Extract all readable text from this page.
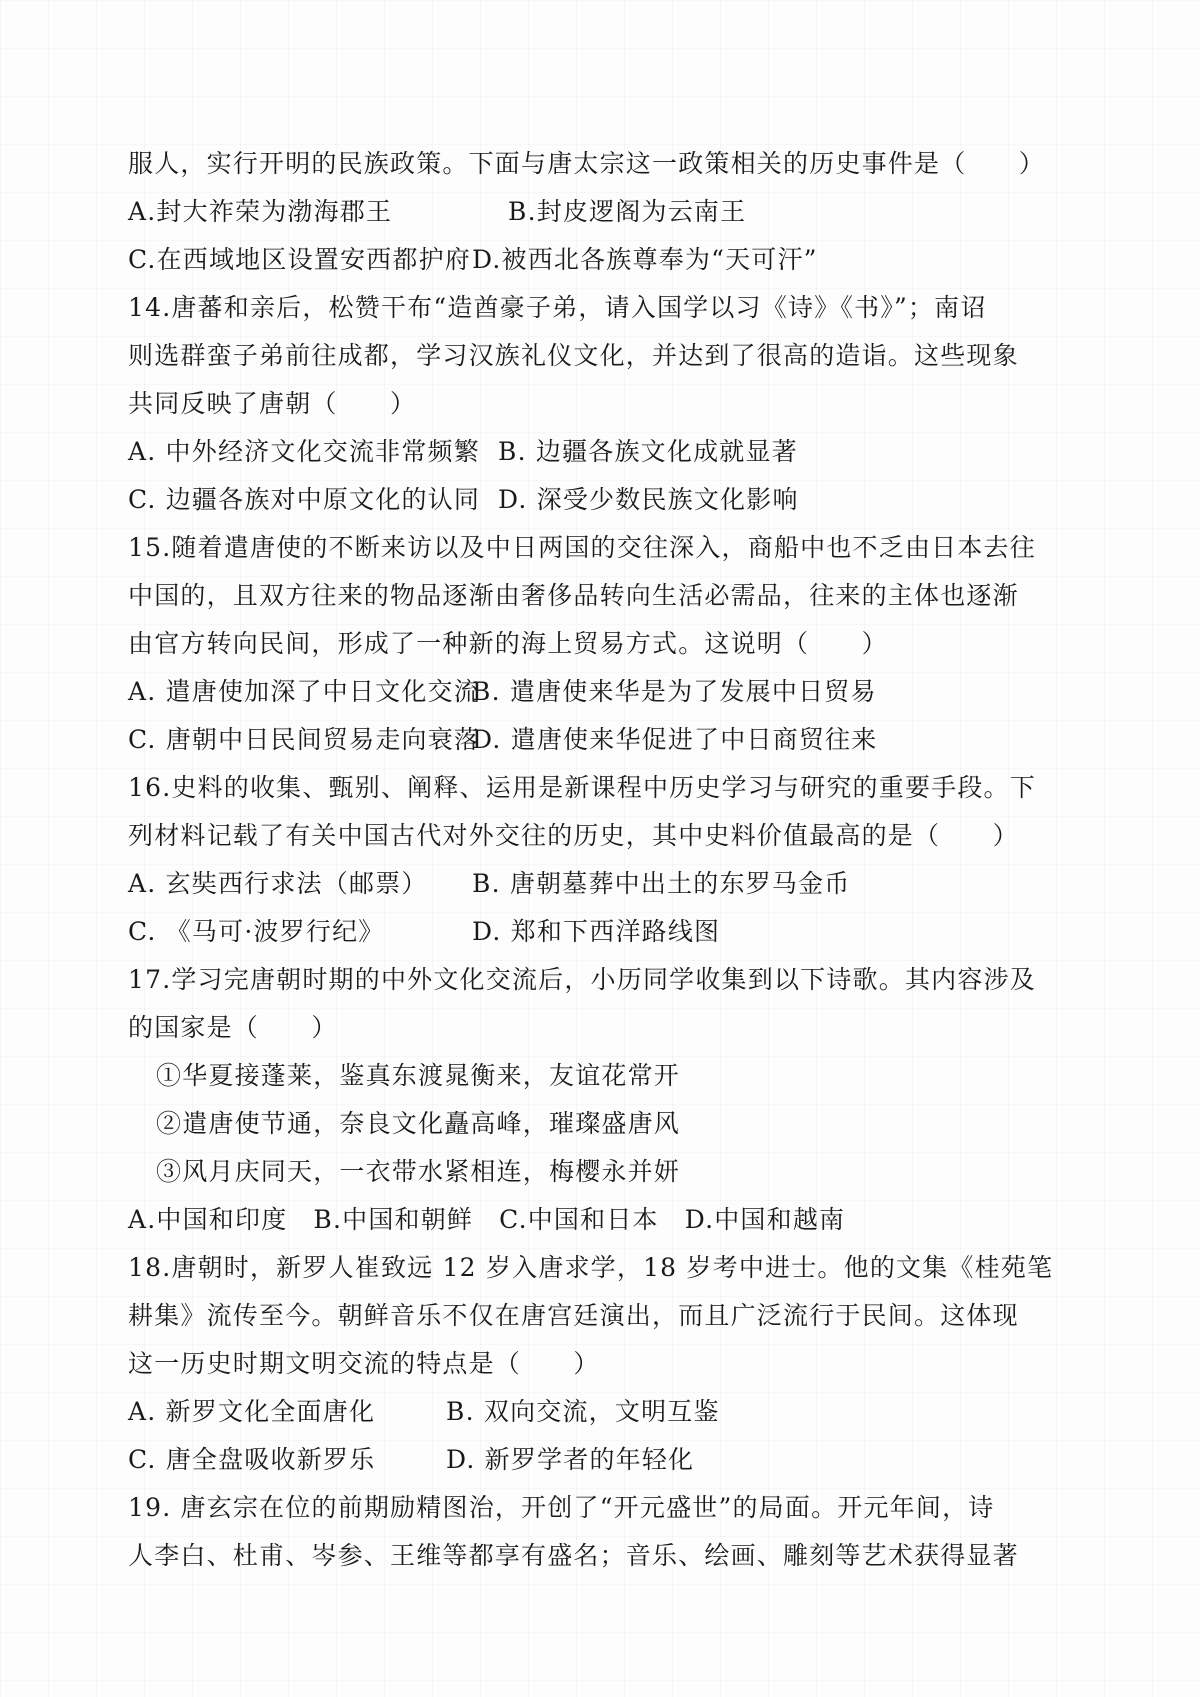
服人，实行开明的民族政策。下面与唐太宗这一政策相关的历史事件是（　　）
A.封大祚荣为渤海郡王	B.封皮逻阁为云南王
C.在西域地区设置安西都护府 D.被西北各族尊奉为“天可汗”
14.唐蕃和亲后，松赞干布“造酋豪子弟，请入国学以习《诗》《书》”；南诏
则选群蛮子弟前往成都，学习汉族礼仪文化，并达到了很高的造诣。这些现象
共同反映了唐朝（　　）
A. 中外经济文化交流非常频繁 B. 边疆各族文化成就显著
C. 边疆各族对中原文化的认同 D. 深受少数民族文化影响
15.随着遣唐使的不断来访以及中日两国的交往深入，商船中也不乏由日本去往
中国的，且双方往来的物品逐渐由奢侈品转向生活必需品，往来的主体也逐渐
由官方转向民间，形成了一种新的海上贸易方式。这说明（　　）
A. 遣唐使加深了中日文化交流
B. 遣唐使来华是为了发展中日贸易
C. 唐朝中日民间贸易走向衰落
D. 遣唐使来华促进了中日商贸往来
16.史料的收集、甄别、阐释、运用是新课程中历史学习与研究的重要手段。下
列材料记载了有关中国古代对外交往的历史，其中史料价值最高的是（　　）
A. 玄奘西行求法（邮票）	B. 唐朝墓葬中出土的东罗马金币
C. 《马可·波罗行纪》	D. 郑和下西洋路线图
17.学习完唐朝时期的中外文化交流后，小历同学收集到以下诗歌。其内容涉及
的国家是（　　）
①华夏接蓬莱，鉴真东渡晁衡来，友谊花常开
②遣唐使节通，奈良文化矗高峰，璀璨盛唐风
③风月庆同天，一衣带水紧相连，梅樱永并妍
A.中国和印度 B.中国和朝鲜 C.中国和日本 D.中国和越南
18.唐朝时，新罗人崔致远 12 岁入唐求学，18 岁考中进士。他的文集《桂苑笔
耕集》流传至今。朝鲜音乐不仅在唐宫廷演出，而且广泛流行于民间。这体现
这一历史时期文明交流的特点是（　　）
A. 新罗文化全面唐化	B. 双向交流，文明互鉴
C. 唐全盘吸收新罗乐	D. 新罗学者的年轻化
19. 唐玄宗在位的前期励精图治，开创了“开元盛世”的局面。开元年间，诗
人李白、杜甫、岑参、王维等都享有盛名；音乐、绘画、雕刻等艺术获得显著
